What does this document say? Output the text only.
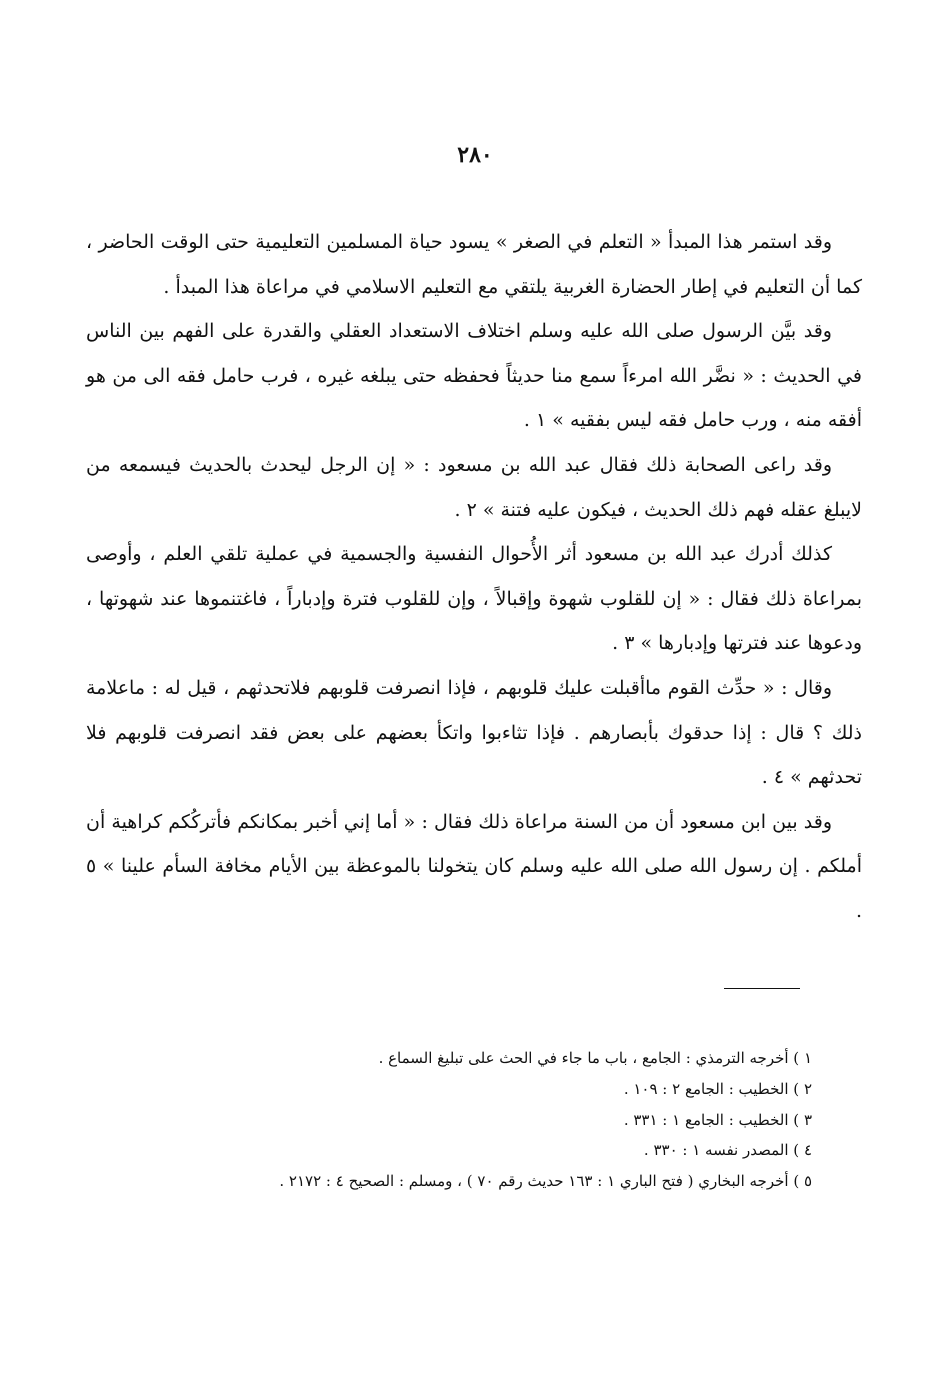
٢٨٠

وقد استمر هذا المبدأ « التعلم في الصغر » يسود حياة المسلمين التعليمية حتى الوقت الحاضر ، كما أن التعليم في إطار الحضارة الغربية يلتقي مع التعليم الاسلامي في مراعاة هذا المبدأ .

وقد بيَّن الرسول صلى الله عليه وسلم اختلاف الاستعداد العقلي والقدرة على الفهم بين الناس في الحديث : « نضَّر الله امرءاً سمع منا حديثاً فحفظه حتى يبلغه غيره ، فرب حامل فقه الى من هو أفقه منه ، ورب حامل فقه ليس بفقيه » ١ .

وقد راعى الصحابة ذلك فقال عبد الله بن مسعود : « إن الرجل ليحدث بالحديث فيسمعه من لايبلغ عقله فهم ذلك الحديث ، فيكون عليه فتنة » ٢ .

كذلك أدرك عبد الله بن مسعود أثر الأُحوال النفسية والجسمية في عملية تلقي العلم ، وأوصى بمراعاة ذلك فقال : « إن للقلوب شهوة وإقبالاً ، وإن للقلوب فترة وإدباراً ، فاغتنموها عند شهوتها ، ودعوها عند فترتها وإدبارها » ٣ .

وقال : « حدِّث القوم ماأقبلت عليك قلوبهم ، فإذا انصرفت قلوبهم فلاتحدثهم ، قيل له : ماعلامة ذلك ؟ قال : إذا حدقوك بأبصارهم . فإذا تثاءبوا واتكأ بعضهم على بعض فقد انصرفت قلوبهم فلا تحدثهم » ٤ .

وقد بين ابن مسعود أن من السنة مراعاة ذلك فقال : « أما إني أخبر بمكانكم فأتركُكم كراهية أن أملكم . إن رسول الله صلى الله عليه وسلم كان يتخولنا بالموعظة بين الأيام مخافة السأم علينا » ٥ .

١ ) أخرجه الترمذي : الجامع ، باب ما جاء في الحث على تبليغ السماع .

٢ ) الخطيب : الجامع ٢ : ١٠٩ .

٣ ) الخطيب : الجامع ١ : ٣٣١ .

٤ ) المصدر نفسه ١ : ٣٣٠ .

٥ ) أخرجه البخاري ( فتح الباري ١ : ١٦٣ حديث رقم ٧٠ ) ، ومسلم : الصحيح ٤ : ٢١٧٢ .
